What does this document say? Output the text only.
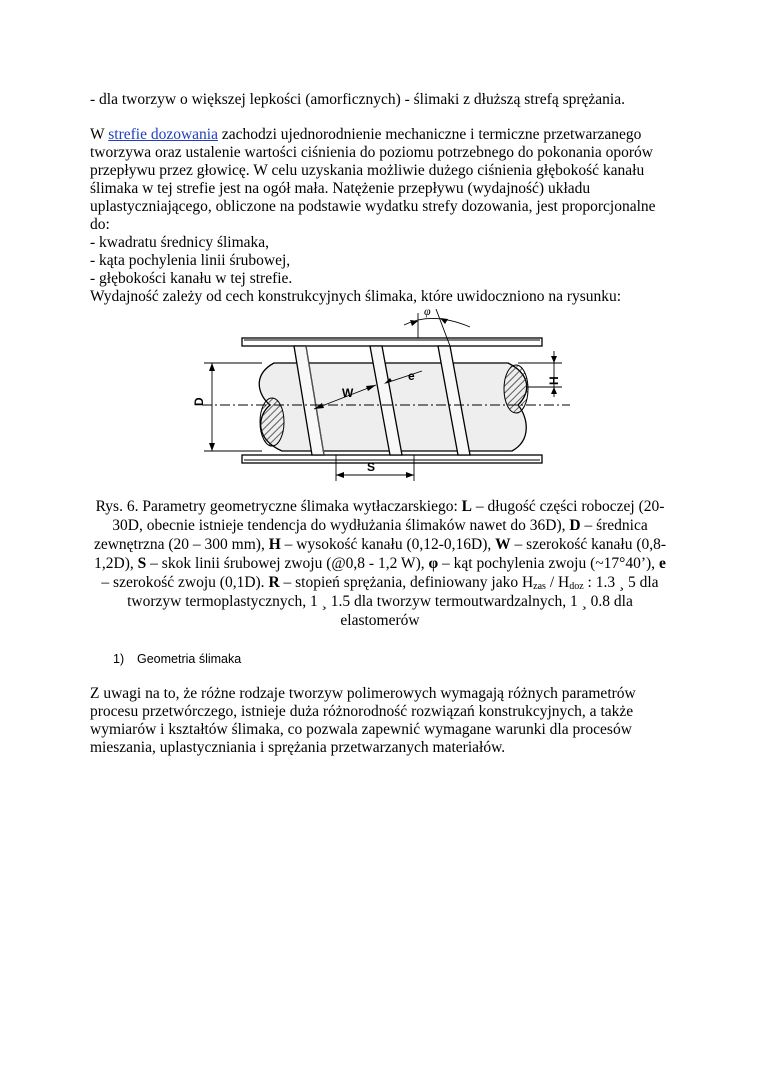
- dla tworzyw o większej lepkości (amorficznych) - ślimaki z dłuższą strefą sprężania.
W strefie dozowania zachodzi ujednorodnienie mechaniczne i termiczne przetwarzanego
tworzywa oraz ustalenie wartości ciśnienia do poziomu potrzebnego do pokonania oporów
przepływu przez głowicę. W celu uzyskania możliwie dużego ciśnienia głębokość kanału
ślimaka w tej strefie jest na ogół mała. Natężenie przepływu (wydajność) układu
uplastyczniającego, obliczone na podstawie wydatku strefy dozowania, jest proporcjonalne
do:
- kwadratu średnicy ślimaka,
- kąta pochylenia linii śrubowej,
- głębokości kanału w tej strefie.
Wydajność zależy od cech konstrukcyjnych ślimaka, które uwidoczniono na rysunku:
D
H
W
e
S
φ
Rys. 6. Parametry geometryczne ślimaka wytłaczarskiego: L – długość części roboczej (20-30D, obecnie istnieje tendencja do wydłużania ślimaków nawet do 36D), D – średnica zewnętrzna (20 – 300 mm), H – wysokość kanału (0,12-0,16D), W – szerokość kanału (0,8-1,2D), S – skok linii śrubowej zwoju (@0,8 - 1,2 W), φ – kąt pochylenia zwoju (~17°40’), e – szerokość zwoju (0,1D). R – stopień sprężania, definiowany jako $H_{zas} / H_{doz}$ : 1.3 ¸ 5 dla tworzyw termoplastycznych, 1 ¸ 1.5 dla tworzyw termoutwardzalnych, 1 ¸ 0.8 dla elastomerów
1) Geometria ślimaka
Z uwagi na to, że różne rodzaje tworzyw polimerowych wymagają różnych parametrów
procesu przetwórczego, istnieje duża różnorodność rozwiązań konstrukcyjnych, a także
wymiarów i kształtów ślimaka, co pozwala zapewnić wymagane warunki dla procesów
mieszania, uplastyczniania i sprężania przetwarzanych materiałów.
